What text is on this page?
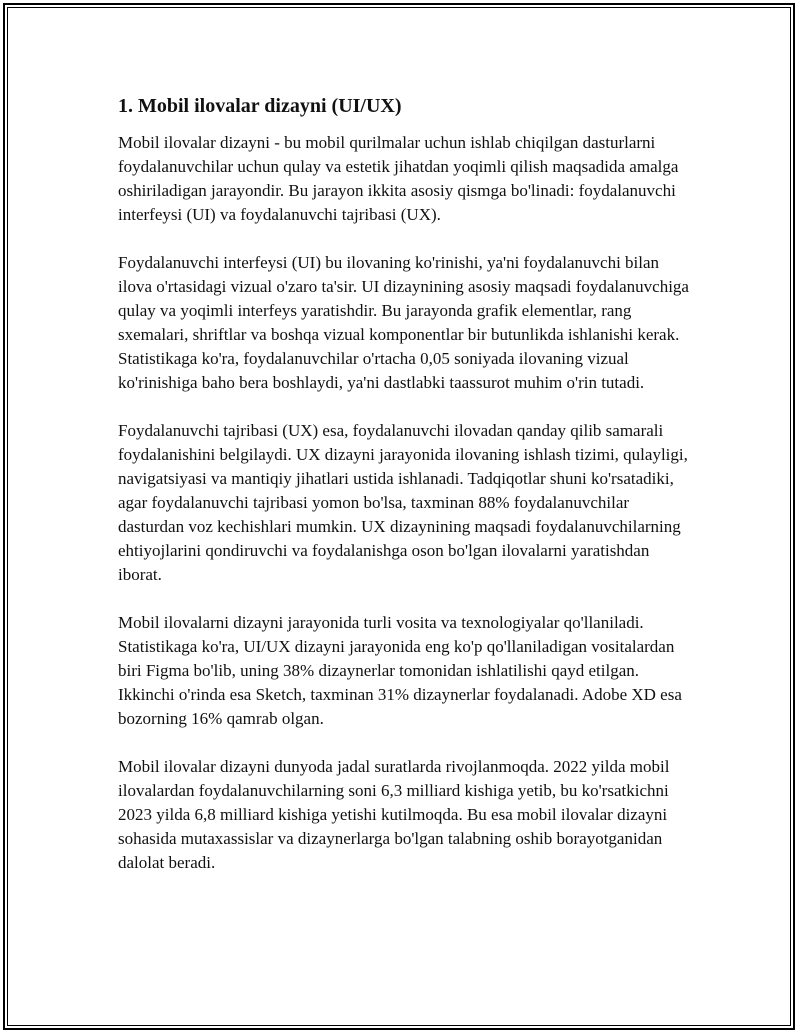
1. Mobil ilovalar dizayni (UI/UX)

Mobil ilovalar dizayni - bu mobil qurilmalar uchun ishlab chiqilgan dasturlarni foydalanuvchilar uchun qulay va estetik jihatdan yoqimli qilish maqsadida amalga oshiriladigan jarayondir. Bu jarayon ikkita asosiy qismga bo'linadi: foydalanuvchi interfeysi (UI) va foydalanuvchi tajribasi (UX).

Foydalanuvchi interfeysi (UI) bu ilovaning ko'rinishi, ya'ni foydalanuvchi bilan ilova o'rtasidagi vizual o'zaro ta'sir. UI dizaynining asosiy maqsadi foydalanuvchiga qulay va yoqimli interfeys yaratishdir. Bu jarayonda grafik elementlar, rang sxemalari, shriftlar va boshqa vizual komponentlar bir butunlikda ishlanishi kerak. Statistikaga ko'ra, foydalanuvchilar o'rtacha 0,05 soniyada ilovaning vizual ko'rinishiga baho bera boshlaydi, ya'ni dastlabki taassurot muhim o'rin tutadi.

Foydalanuvchi tajribasi (UX) esa, foydalanuvchi ilovadan qanday qilib samarali foydalanishini belgilaydi. UX dizayni jarayonida ilovaning ishlash tizimi, qulayligi, navigatsiyasi va mantiqiy jihatlari ustida ishlanadi. Tadqiqotlar shuni ko'rsatadiki, agar foydalanuvchi tajribasi yomon bo'lsa, taxminan 88% foydalanuvchilar dasturdan voz kechishlari mumkin. UX dizaynining maqsadi foydalanuvchilarning ehtiyojlarini qondiruvchi va foydalanishga oson bo'lgan ilovalarni yaratishdan iborat.

Mobil ilovalarni dizayni jarayonida turli vosita va texnologiyalar qo'llaniladi. Statistikaga ko'ra, UI/UX dizayni jarayonida eng ko'p qo'llaniladigan vositalardan biri Figma bo'lib, uning 38% dizaynerlar tomonidan ishlatilishi qayd etilgan. Ikkinchi o'rinda esa Sketch, taxminan 31% dizaynerlar foydalanadi. Adobe XD esa bozorning 16% qamrab olgan.

Mobil ilovalar dizayni dunyoda jadal suratlarda rivojlanmoqda. 2022 yilda mobil ilovalardan foydalanuvchilarning soni 6,3 milliard kishiga yetib, bu ko'rsatkichni 2023 yilda 6,8 milliard kishiga yetishi kutilmoqda. Bu esa mobil ilovalar dizayni sohasida mutaxassislar va dizaynerlarga bo'lgan talabning oshib borayotganidan dalolat beradi.
